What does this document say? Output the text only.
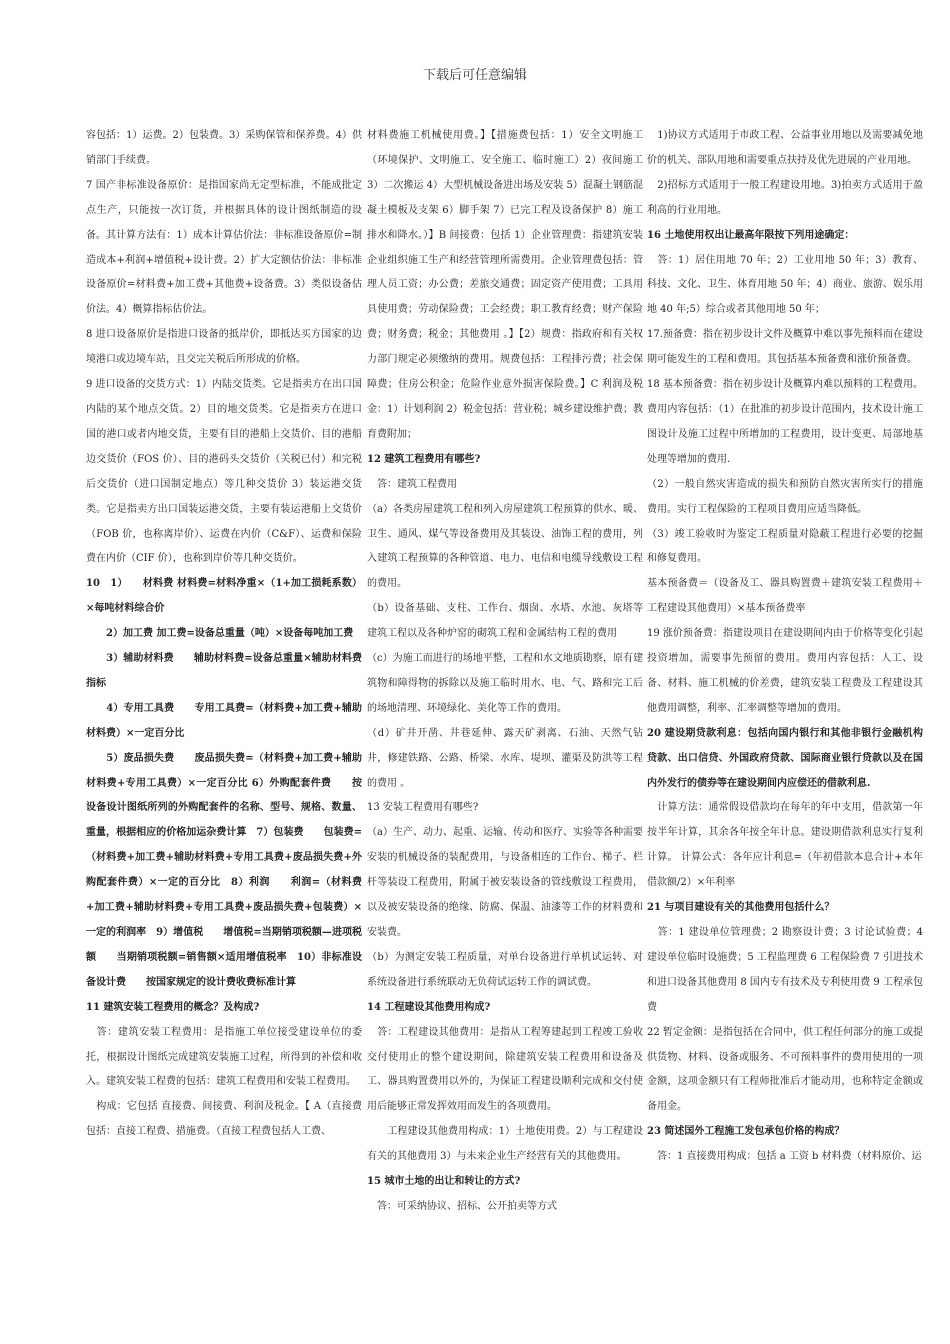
下载后可任意编辑

容包括：1）运费。2）包装费。3）采购保管和保养费。4）供销部门手续费。

7 国产非标准设备原价：是指国家尚无定型标准，不能成批定点生产，只能按一次订货，并根据具体的设计图纸制造的设备。其计算方法有：1）成本计算估价法：非标准设备原价=制造成本+利润+增值税+设计费。2）扩大定额估价法：非标准设备原价=材料费+加工费+其他费+设备费。3）类似设备估价法。4）概算指标估价法。

8 进口设备原价是指进口设备的抵岸价，即抵达买方国家的边境港口或边境车站，且交完关税后所形成的价格。

9 进口设备的交货方式：1）内陆交货类。它是指卖方在出口国内陆的某个地点交货。2）目的地交货类。它是指卖方在进口国的港口或者内地交货，主要有目的港船上交货价、目的港船边交货价（FOS 价）、目的港码头交货价（关税已付）和完税后交货价（进口国制定地点）等几种交货价 3）装运港交货类。它是指卖方出口国装运港交货，主要有装运港船上交货价（FOB 价，也称离岸价）、运费在内价（C&F）、运费和保险费在内价（CIF 价），也称到岸价等几种交货价。

10　1）　　材料费 材料费=材料净重×（1+加工损耗系数）×每吨材料综合价

　　2）加工费 加工费=设备总重量（吨）×设备每吨加工费

　　3）辅助材料费　　辅助材料费=设备总重量×辅助材料费指标

　　4）专用工具费　　专用工具费=（材料费+加工费+辅助材料费）×一定百分比

　　5）废品损失费　　废品损失费=（材料费+加工费+辅助材料费+专用工具费）×一定百分比 6）外购配套件费　　按设备设计图纸所列的外购配套件的名称、型号、规格、数量、重量，根据相应的价格加运杂费计算　7）包装费　　包装费=（材料费+加工费+辅助材料费+专用工具费+废品损失费+外购配套件费）×一定的百分比　8）利润　　利润=（材料费+加工费+辅助材料费+专用工具费+废品损失费+包装费）×一定的利润率　9）增值税　　增值税=当期销项税额—进项税额　　当期销项税额=销售额×适用增值税率　10）非标准设备设计费　　按国家规定的设计费收费标准计算

11 建筑安装工程费用的概念？及构成?

　答：建筑安装工程费用：是指施工单位接受建设单位的委托，根据设计图纸完成建筑安装施工过程，所得到的补偿和收入。建筑安装工程费的包括：建筑工程费用和安装工程费用。

　构成：它包括 直接费、间接费、利润及税金。【 A（直接费包括：直接工程费、措施费。（直接工程费包括人工费、

材料费施工机械使用费。】【措施费包括：1）安全文明施工（环境保护、文明施工、安全施工、临时施工）2）夜间施工 3）二次搬运 4）大型机械设备进出场及安装 5）混凝土钢筋混凝土模板及支架 6）脚手架 7）已完工程及设备保护 8）施工排水和降水。）】B 间接费：包括 1）企业管理费：指建筑安装企业组织施工生产和经营管理所需费用。企业管理费包括：管理人员工资；办公费；差旅交通费；固定资产使用费；工具用具使用费；劳动保险费；工会经费；职工教育经费；财产保险费；财务费；税金；其他费用 。】【2）规费：指政府和有关权力部门规定必须缴纳的费用。规费包括：工程排污费；社会保障费；住房公积金；危险作业意外损害保险费。】C 利润及税金：1）计划利润 2）税金包括：营业税；城乡建设维护费；教育费附加；

12 建筑工程费用有哪些?

　答：建筑工程费用

（a）各类房屋建筑工程和列入房屋建筑工程预算的供水、暖、卫生、通风、煤气等设备费用及其装设、油饰工程的费用，列入建筑工程预算的各种管道、电力、电信和电缆导线敷设工程的费用。

（b）设备基础、支柱、工作台、烟囱、水塔、水池、灰塔等建筑工程以及各种炉窑的砌筑工程和金属结构工程的费用

（c）为施工而进行的场地平整，工程和水文地质勘察，原有建筑物和障得物的拆除以及施工临时用水、电、气、路和完工后的场地清理、环境绿化、美化等工作的费用。

（d）矿井开凿、井巷延伸、露天矿剥离、石油、天然气钻井，修建铁路、公路、桥梁、水库、堤坝、灌渠及防洪等工程的费用 。

13 安装工程费用有哪些?

（a）生产、动力、起重、运输、传动和医疗、实验等各种需要安装的机械设备的装配费用，与设备相连的工作台、梯子、栏杆等装设工程费用，附属于被安装设备的管线敷设工程费用，以及被安装设备的绝缘、防腐、保温、油漆等工作的材料费和安装费。

（b）为测定安装工程质量，对单台设备进行单机试运转、对系统设备进行系统联动无负荷试运转工作的调试费。

14 工程建设其他费用构成?

　答：工程建设其他费用：是指从工程筹建起到工程竣工验收交付使用止的整个建设期间，除建筑安装工程费用和设备及工、器具购置费用以外的，为保证工程建设顺利完成和交付使用后能够正常发挥效用而发生的各项费用。

　　工程建设其他费用构成：1）土地使用费。2）与工程建设有关的其他费用 3）与未来企业生产经营有关的其他费用。

15 城市土地的出让和转让的方式?

　答：可采纳协议、招标、公开拍卖等方式

　1)协议方式适用于市政工程、公益事业用地以及需要减免地价的机关、部队用地和需要重点扶持及优先进展的产业用地。

　2)招标方式适用于一般工程建设用地。3)拍卖方式适用于盈利高的行业用地。

16 土地使用权出让最高年限按下列用途确定：

　答：1）居住用地 70 年；2）工业用地 50 年；3）教育、科技、文化、卫生、体育用地 50 年；4）商业、旅游、娱乐用地 40 年;5）综合或者其他用地 50 年；

17.预备费：指在初步设计文件及概算中难以事先预料而在建设期可能发生的工程和费用。其包括基本预备费和涨价预备费。

18 基本预备费：指在初步设计及概算内难以预料的工程费用。费用内容包括：（1）在批准的初步设计范围内，技术设计施工图设计及施工过程中所增加的工程费用，设计变更、局部地基处理等增加的费用.

（2）一般自然灾害造成的损失和预防自然灾害所实行的措施费用。实行工程保险的工程项目费用应适当降低。

（3）竣工验收时为鉴定工程质量对隐蔽工程进行必要的挖掘和修复费用。

基本预备费＝（设备及工、器具购置费＋建筑安装工程费用＋工程建设其他费用）×基本预备费率

19 涨价预备费：指建设项目在建设期间内由于价格等变化引起投资增加，需要事先预留的费用。费用内容包括：人工、设备、材料、施工机械的价差费，建筑安装工程费及工程建设其他费用调整，利率、汇率调整等增加的费用。

20 建设期贷款利息：包括向国内银行和其他非银行金融机构贷款、出口信贷、外国政府贷款、国际商业银行贷款以及在国内外发行的债券等在建设期间内应偿还的借款利息.

　计算方法：通常假设借款均在每年的年中支用，借款第一年按半年计算，其余各年按全年计息。建设期借款利息实行复利计算。 计算公式：各年应计利息=（年初借款本息合计+本年借款额/2）×年利率

21 与项目建设有关的其他费用包括什么？

　答：1 建设单位管理费；2 勘察设计费；3 讨论试验费；4 建设单位临时设施费；5 工程监理费 6 工程保险费 7 引进技术和进口设备其他费用 8 国内专有技术及专利使用费 9 工程承包费

22 暂定金额：是指包括在合同中，供工程任何部分的施工或提供货物、材料、设备或服务、不可预料事件的费用使用的一项金额，这项金额只有工程师批准后才能动用，也称特定金额或备用金。

23 简述国外工程施工发包承包价格的构成？

　答：1 直接费用构成：包括 a 工资 b 材料费（材料原价、运
